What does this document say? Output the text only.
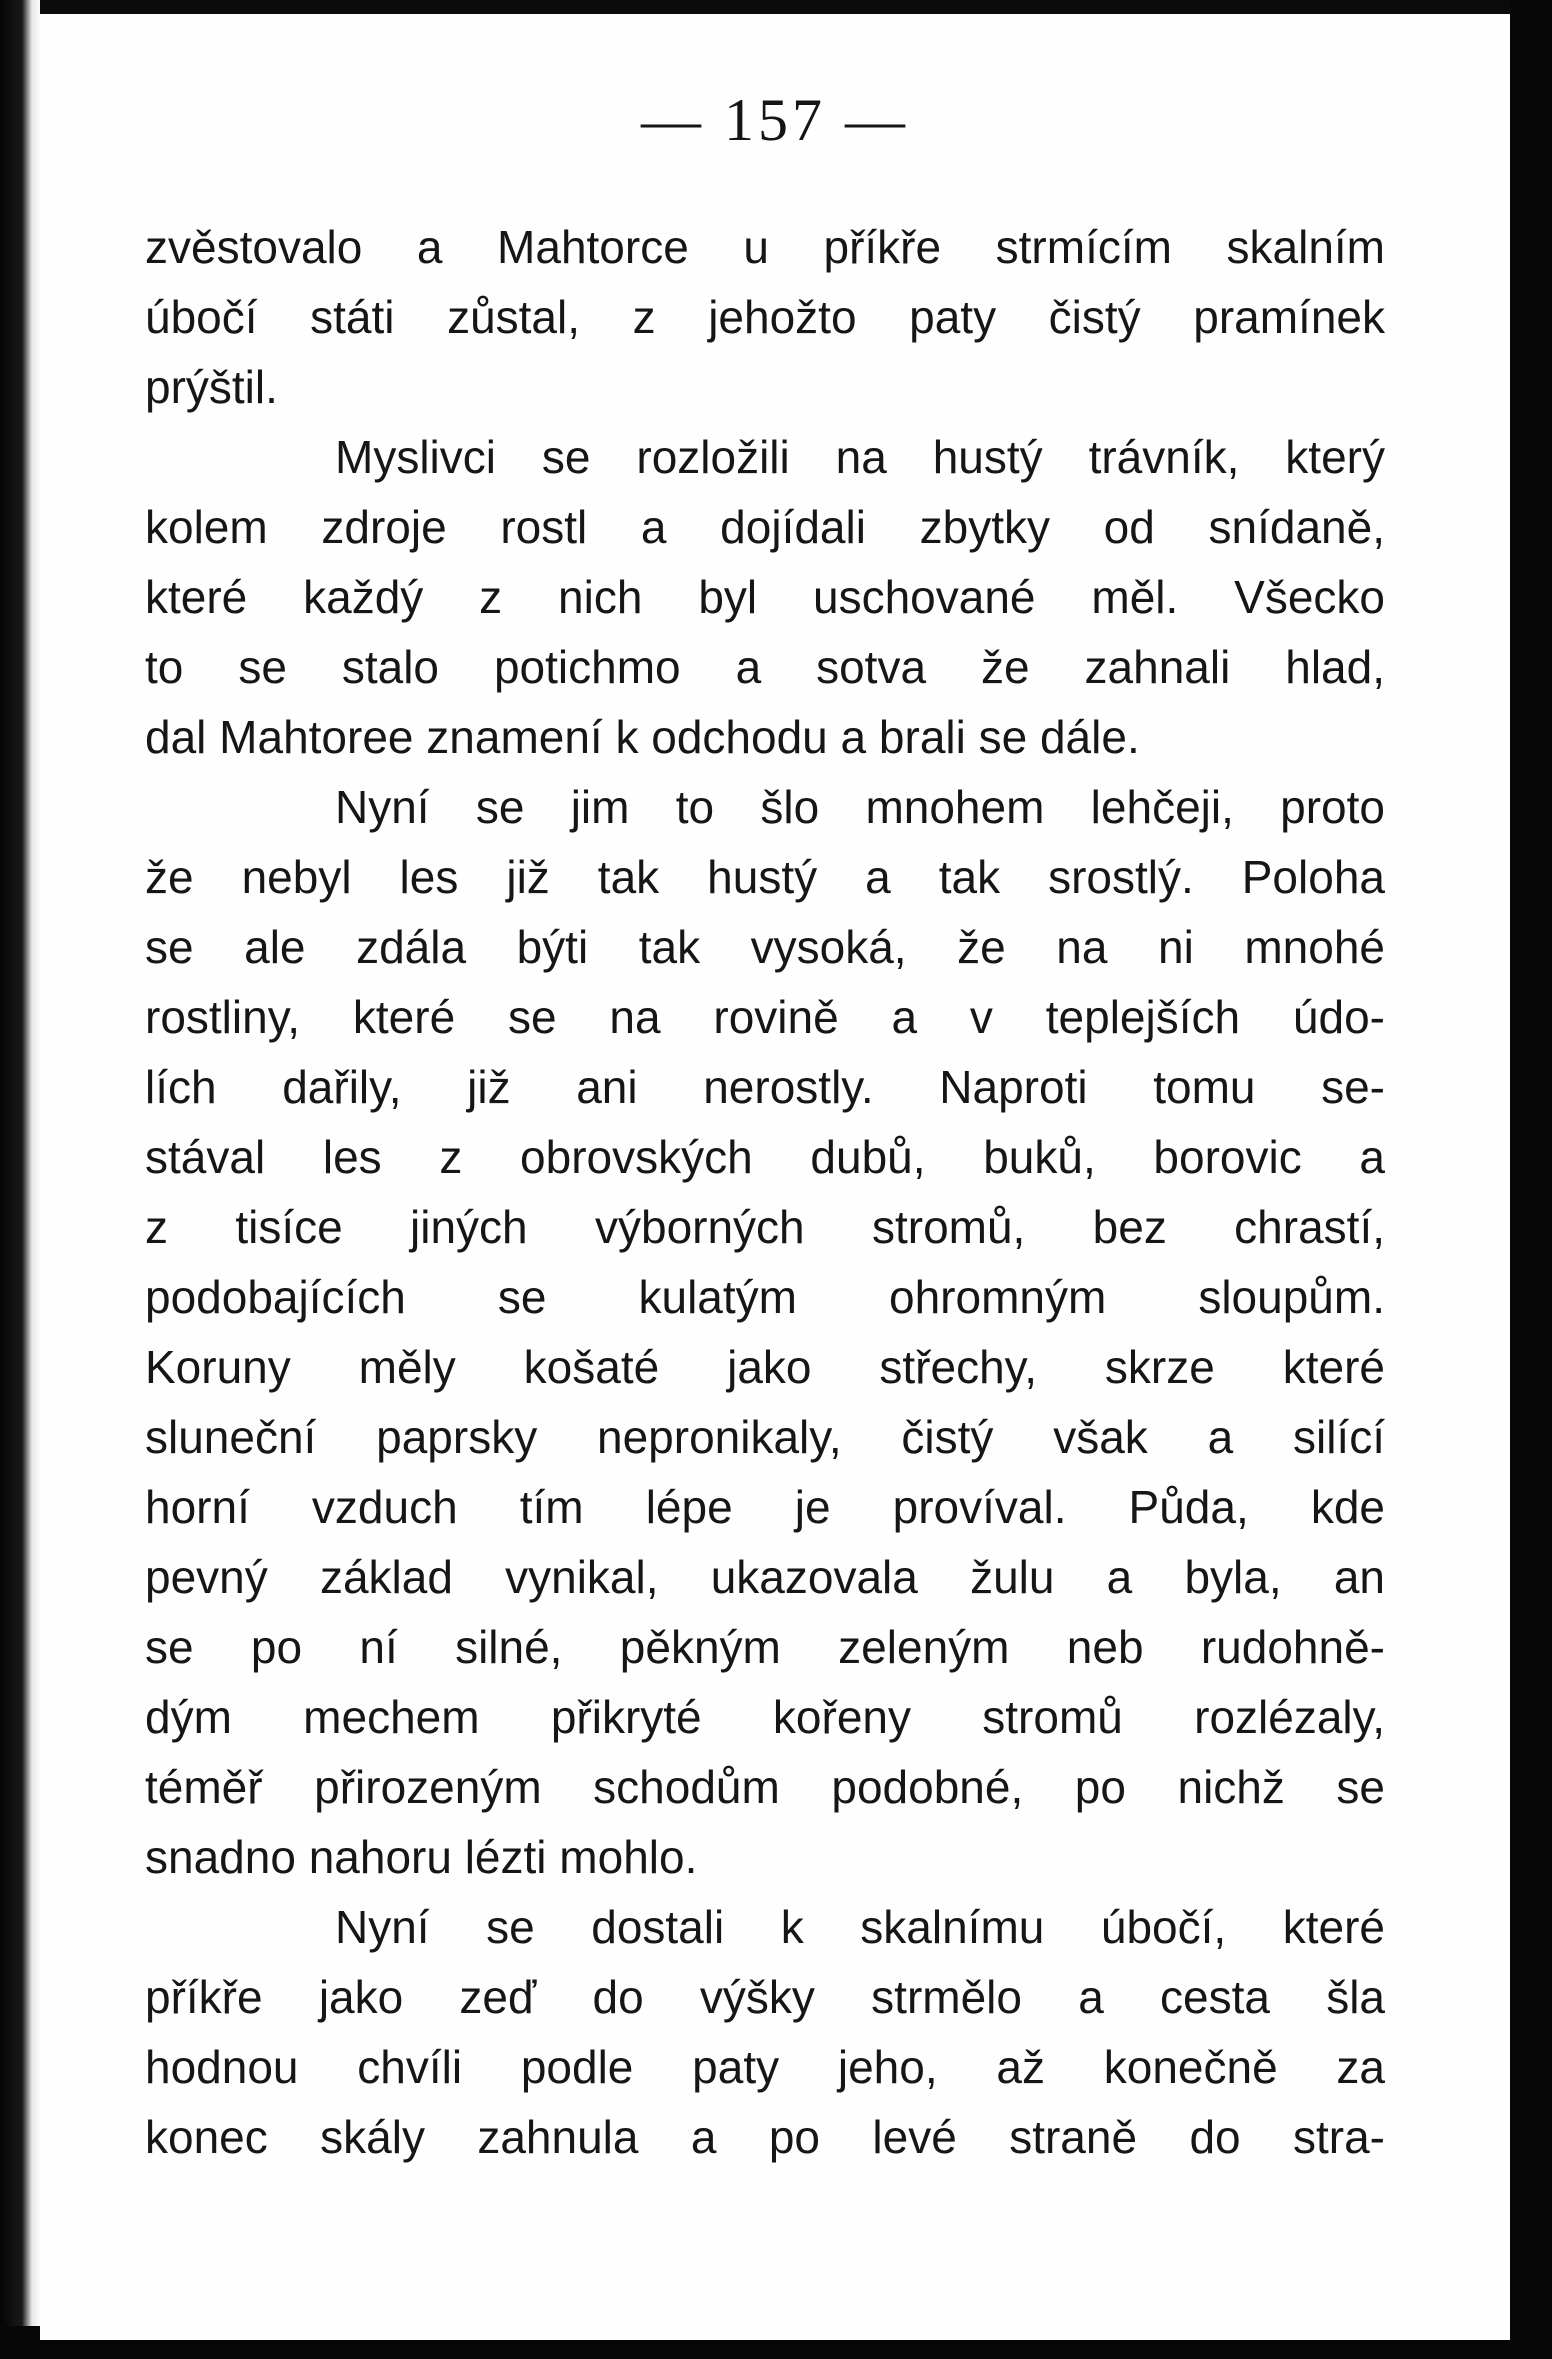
— 157 —
zvěstovalo a Mahtorce u příkře strmícím skalním
úbočí státi zůstal, z jehožto paty čistý pramínek
prýštil.
Myslivci se rozložili na hustý trávník, který
kolem zdroje rostl a dojídali zbytky od snídaně,
které každý z nich byl uschované měl. Všecko
to se stalo potichmo a sotva že zahnali hlad,
dal Mahtoree znamení k odchodu a brali se dále.
Nyní se jim to šlo mnohem lehčeji, proto
že nebyl les již tak hustý a tak srostlý. Poloha
se ale zdála býti tak vysoká, že na ni mnohé
rostliny, které se na rovině a v teplejších údo-
lích dařily, již ani nerostly. Naproti tomu se-
stával les z obrovských dubů, buků, borovic a
z tisíce jiných výborných stromů, bez chrastí,
podobajících se kulatým ohromným sloupům.
Koruny měly košaté jako střechy, skrze které
sluneční paprsky nepronikaly, čistý však a silící
horní vzduch tím lépe je províval. Půda, kde
pevný základ vynikal, ukazovala žulu a byla, an
se po ní silné, pěkným zeleným neb rudohně-
dým mechem přikryté kořeny stromů rozlézaly,
téměř přirozeným schodům podobné, po nichž se
snadno nahoru lézti mohlo.
Nyní se dostali k skalnímu úbočí, které
příkře jako zeď do výšky strmělo a cesta šla
hodnou chvíli podle paty jeho, až konečně za
konec skály zahnula a po levé straně do stra-
